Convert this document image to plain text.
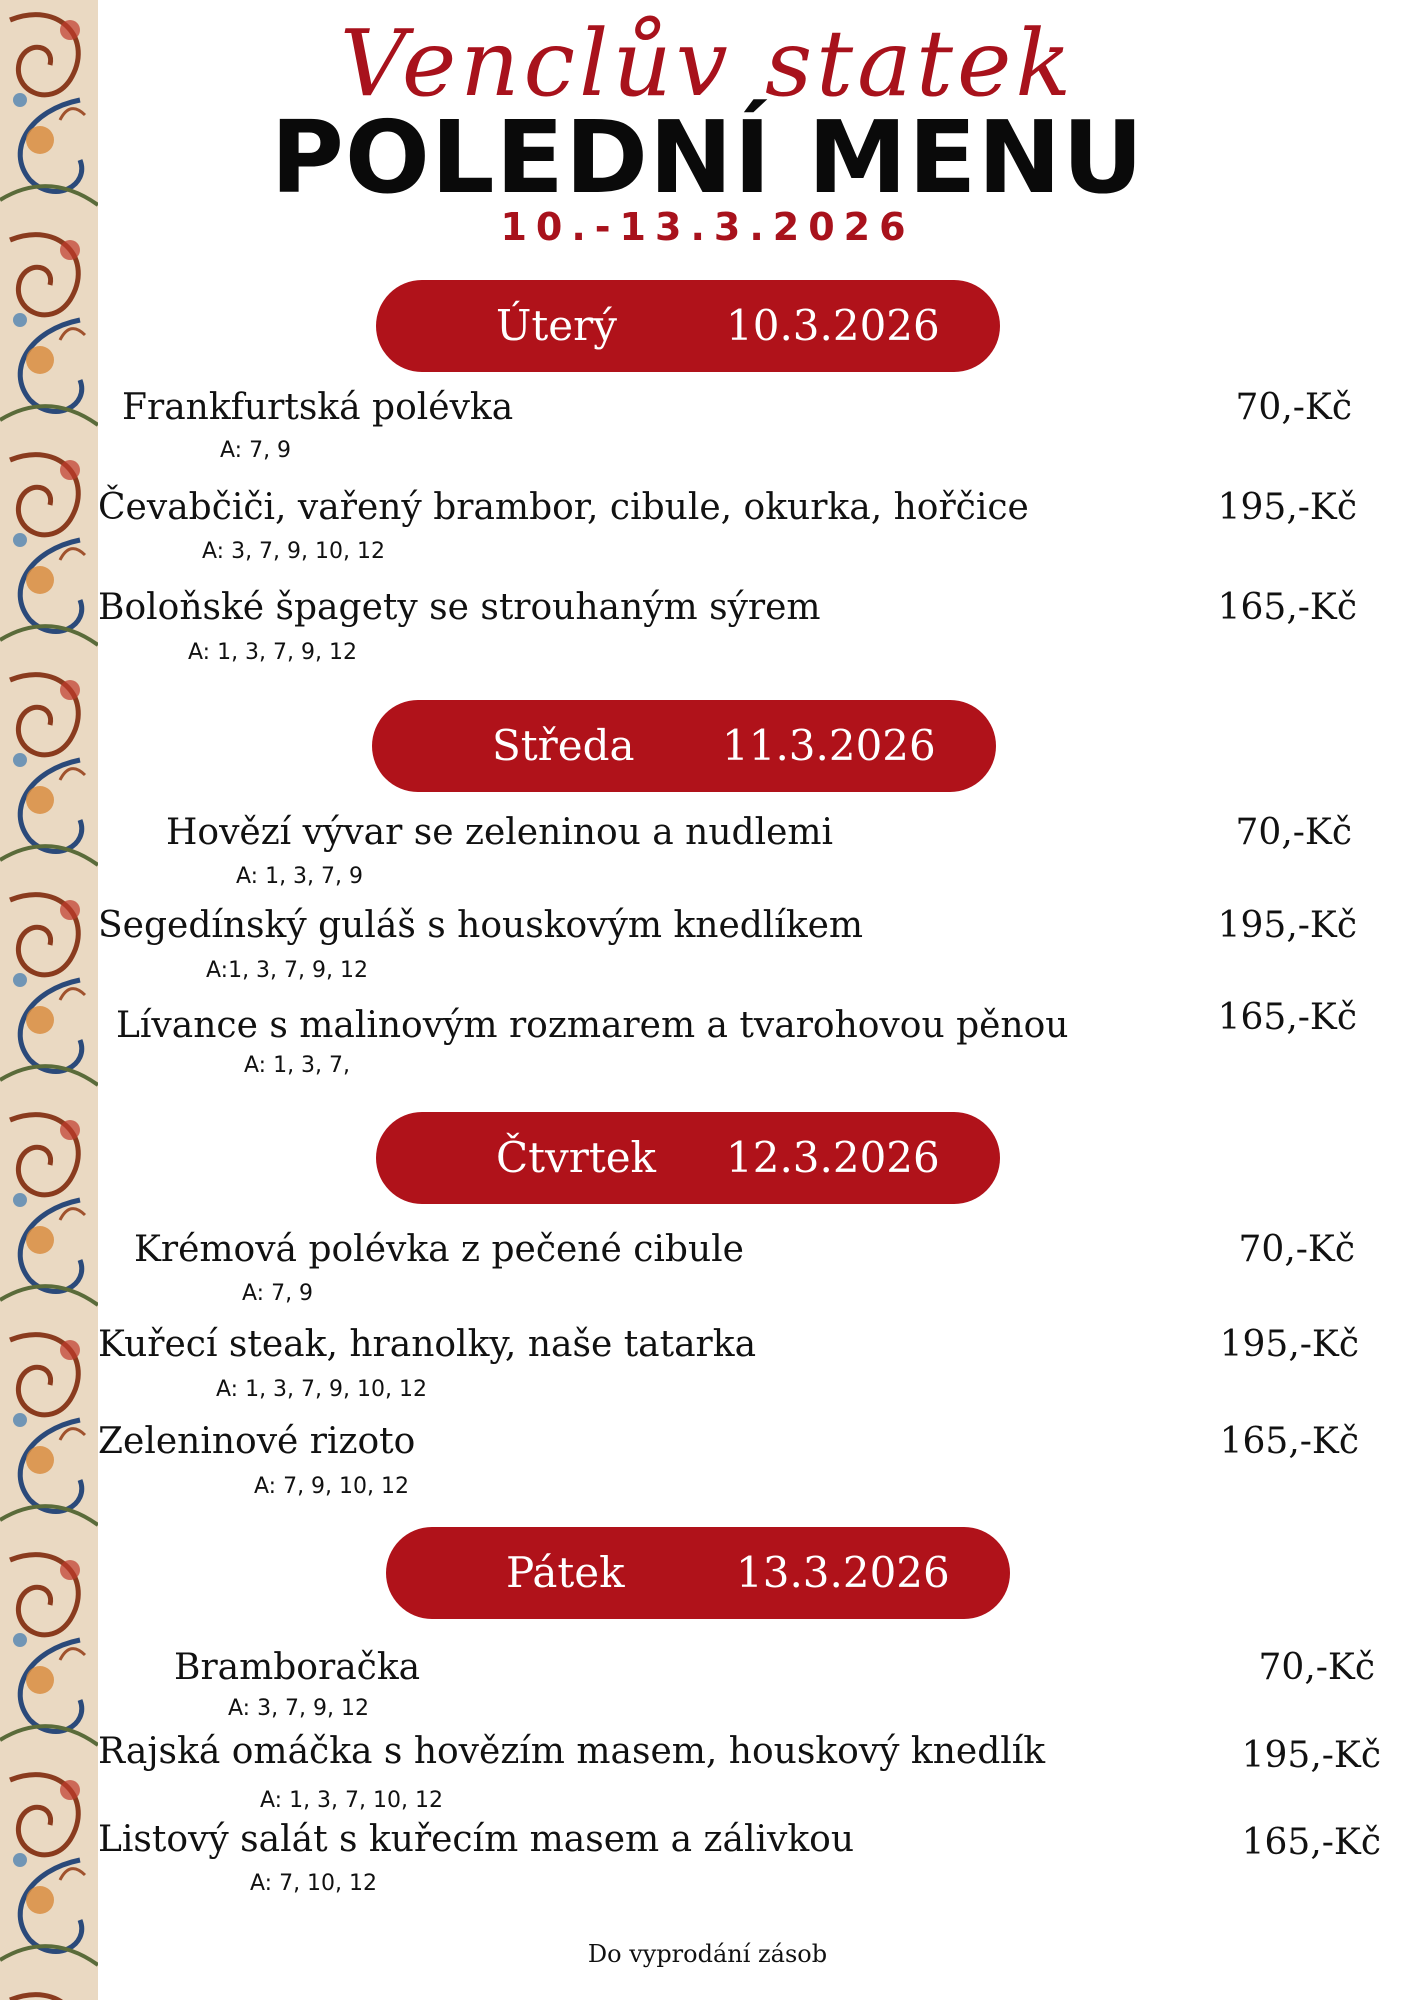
Venclův statek
POLEDNÍ MENU
10.-13.3.2026
Úterý	10.3.2026
Frankfurtská polévka
A: 7, 9
70,-Kč
Čevabčiči, vařený brambor, cibule, okurka, hořčice
A: 3, 7, 9, 10, 12
195,-Kč
Boloňské špagety se strouhaným sýrem
A: 1, 3, 7, 9, 12
165,-Kč
Středa 11.3.2026
Hovězí vývar se zeleninou a nudlemi
A: 1, 3, 7, 9
70,-Kč
Segedínský guláš s houskovým knedlíkem
A:1, 3, 7, 9, 12
195,-Kč
Lívance s malinovým rozmarem a tvarohovou pěnou
A: 1, 3, 7,
165,-Kč
Čtvrtek 12.3.2026
Krémová polévka z pečené cibule
A: 7, 9
70,-Kč
Kuřecí steak, hranolky, naše tatarka
A: 1, 3, 7, 9, 10, 12
195,-Kč
Zeleninové rizoto
A: 7, 9, 10, 12
165,-Kč
Pátek	13.3.2026
Bramboračka
A: 3, 7, 9, 12
70,-Kč
Rajská omáčka s hovězím masem, houskový knedlík
A: 1, 3, 7, 10, 12
195,-Kč
Listový salát s kuřecím masem a zálivkou
A: 7, 10, 12
165,-Kč
Do vyprodání zásob
